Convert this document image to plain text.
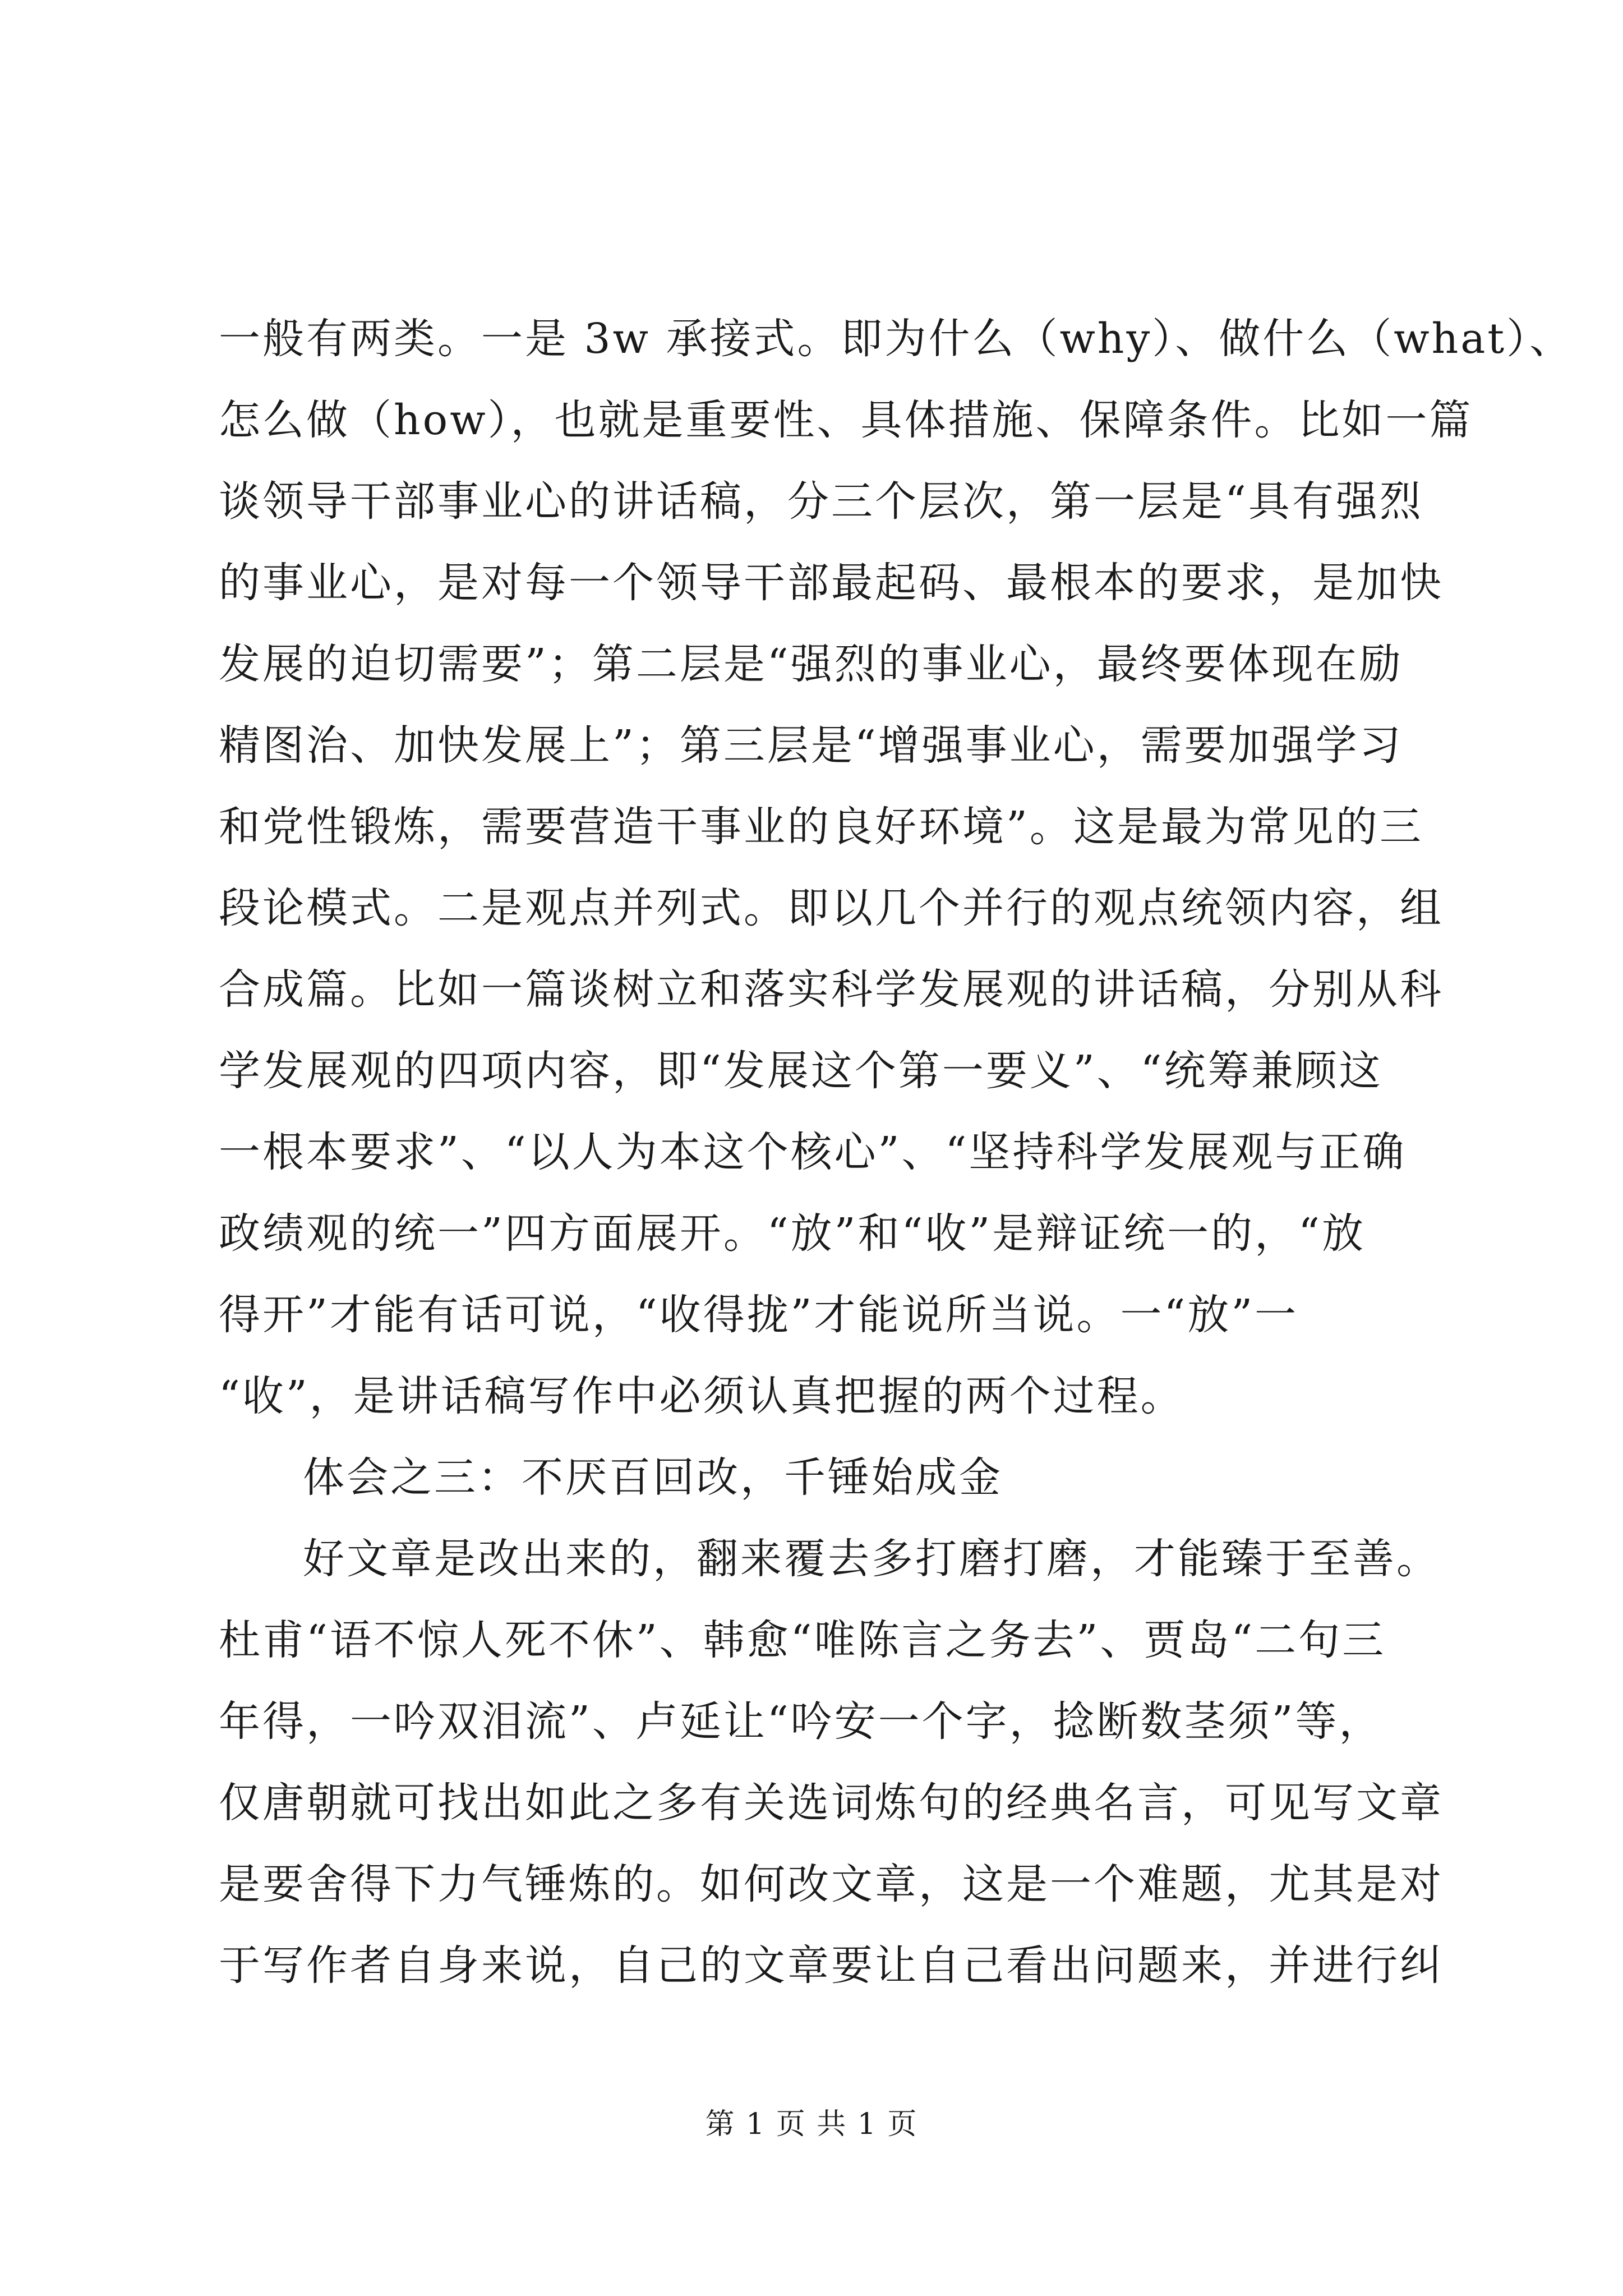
一般有两类。一是 3w 承接式。即为什么（why）、做什么（what）、
怎么做（how），也就是重要性、具体措施、保障条件。比如一篇
谈领导干部事业心的讲话稿，分三个层次，第一层是“具有强烈
的事业心，是对每一个领导干部最起码、最根本的要求，是加快
发展的迫切需要”；第二层是“强烈的事业心，最终要体现在励
精图治、加快发展上”；第三层是“增强事业心，需要加强学习
和党性锻炼，需要营造干事业的良好环境”。这是最为常见的三
段论模式。二是观点并列式。即以几个并行的观点统领内容，组
合成篇。比如一篇谈树立和落实科学发展观的讲话稿，分别从科
学发展观的四项内容，即“发展这个第一要义”、“统筹兼顾这
一根本要求”、“以人为本这个核心”、“坚持科学发展观与正确
政绩观的统一”四方面展开。“放”和“收”是辩证统一的，“放
得开”才能有话可说，“收得拢”才能说所当说。一“放”一
“收”，是讲话稿写作中必须认真把握的两个过程。
体会之三：不厌百回改，千锤始成金
好文章是改出来的，翻来覆去多打磨打磨，才能臻于至善。
杜甫“语不惊人死不休”、韩愈“唯陈言之务去”、贾岛“二句三
年得，一吟双泪流”、卢延让“吟安一个字，捻断数茎须”等，
仅唐朝就可找出如此之多有关选词炼句的经典名言，可见写文章
是要舍得下力气锤炼的。如何改文章，这是一个难题，尤其是对
于写作者自身来说，自己的文章要让自己看出问题来，并进行纠
第 1 页 共 1 页
